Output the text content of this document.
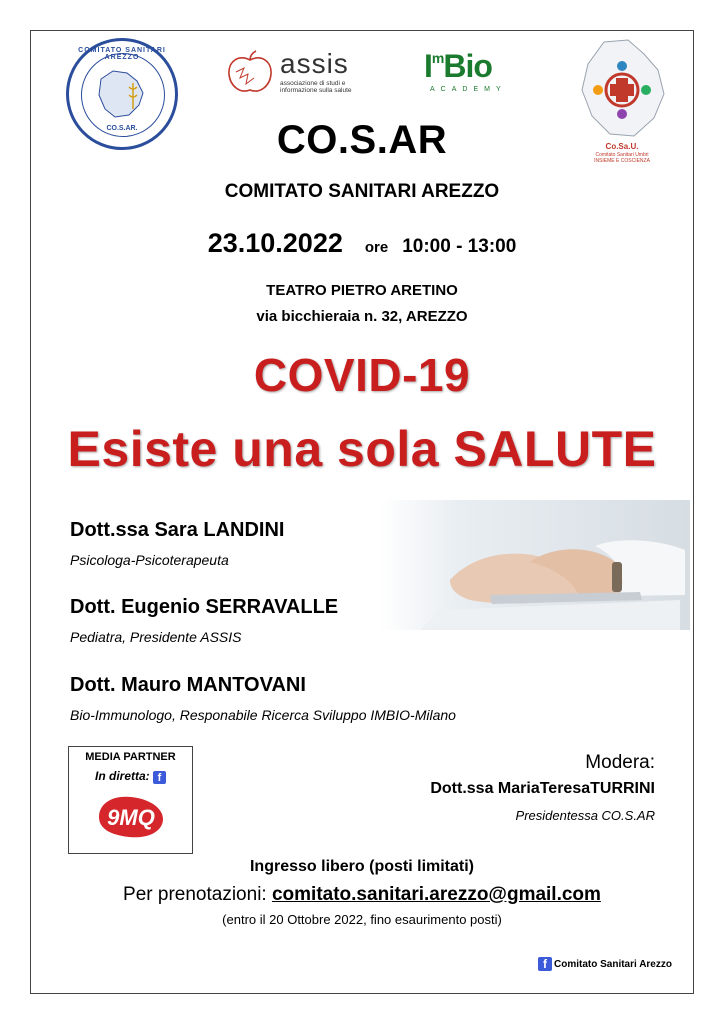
COMITATO SANITARI AREZZO
CO.S.AR.
assis
associazione di studi e informazione sulla salute
$I^mBio$
ACADEMY
Co.Sa.U.
Comitato Sanitari Umbri
INSIEME E COSCIENZA
CO.S.AR
COMITATO SANITARI AREZZO
23.10.2022 ore 10:00 - 13:00
TEATRO PIETRO ARETINO
via bicchieraia n. 32, AREZZO
COVID-19
Esiste una sola SALUTE
Dott.ssa Sara LANDINI
Psicologa-Psicoterapeuta
Dott. Eugenio SERRAVALLE
Pediatra, Presidente ASSIS
Dott. Mauro MANTOVANI
Bio-Immunologo, Responabile Ricerca Sviluppo IMBIO-Milano
MEDIA PARTNER
In diretta: f
9MQ
Modera:
Dott.ssa MariaTeresaTURRINI
Presidentessa CO.S.AR
Ingresso libero (posti limitati)
Per prenotazioni: comitato.sanitari.arezzo@gmail.com
(entro il 20 Ottobre 2022, fino esaurimento posti)
f Comitato Sanitari Arezzo
